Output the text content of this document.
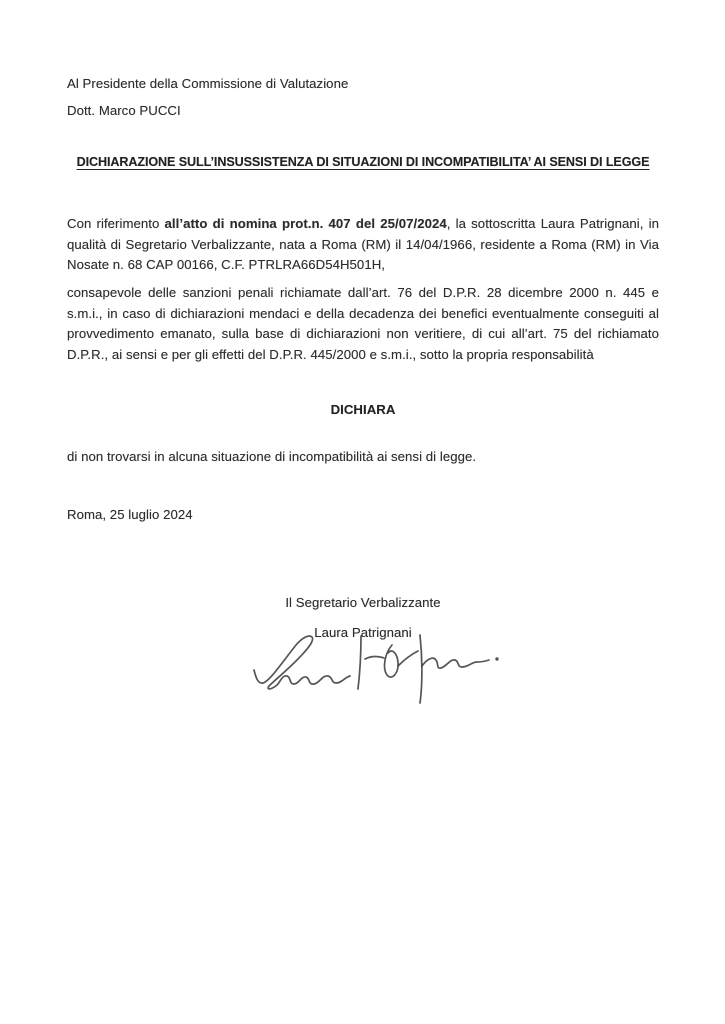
Al Presidente della Commissione di Valutazione

Dott. Marco PUCCI

DICHIARAZIONE SULL’INSUSSISTENZA DI SITUAZIONI DI INCOMPATIBILITA’ AI SENSI DI LEGGE

Con riferimento all’atto di nomina prot.n. 407 del 25/07/2024, la sottoscritta Laura Patrignani, in qualità di Segretario Verbalizzante, nata a Roma (RM) il 14/04/1966, residente a Roma (RM) in Via Nosate n. 68 CAP 00166, C.F. PTRLRA66D54H501H,

consapevole delle sanzioni penali richiamate dall’art. 76 del D.P.R. 28 dicembre 2000 n. 445 e s.m.i., in caso di dichiarazioni mendaci e della decadenza dei benefici eventualmente conseguiti al provvedimento emanato, sulla base di dichiarazioni non veritiere, di cui all’art. 75 del richiamato D.P.R., ai sensi e per gli effetti del D.P.R. 445/2000 e s.m.i., sotto la propria responsabilità

DICHIARA

di non trovarsi in alcuna situazione di incompatibilità ai sensi di legge.

Roma, 25 luglio 2024

Il Segretario Verbalizzante

Laura Patrignani
